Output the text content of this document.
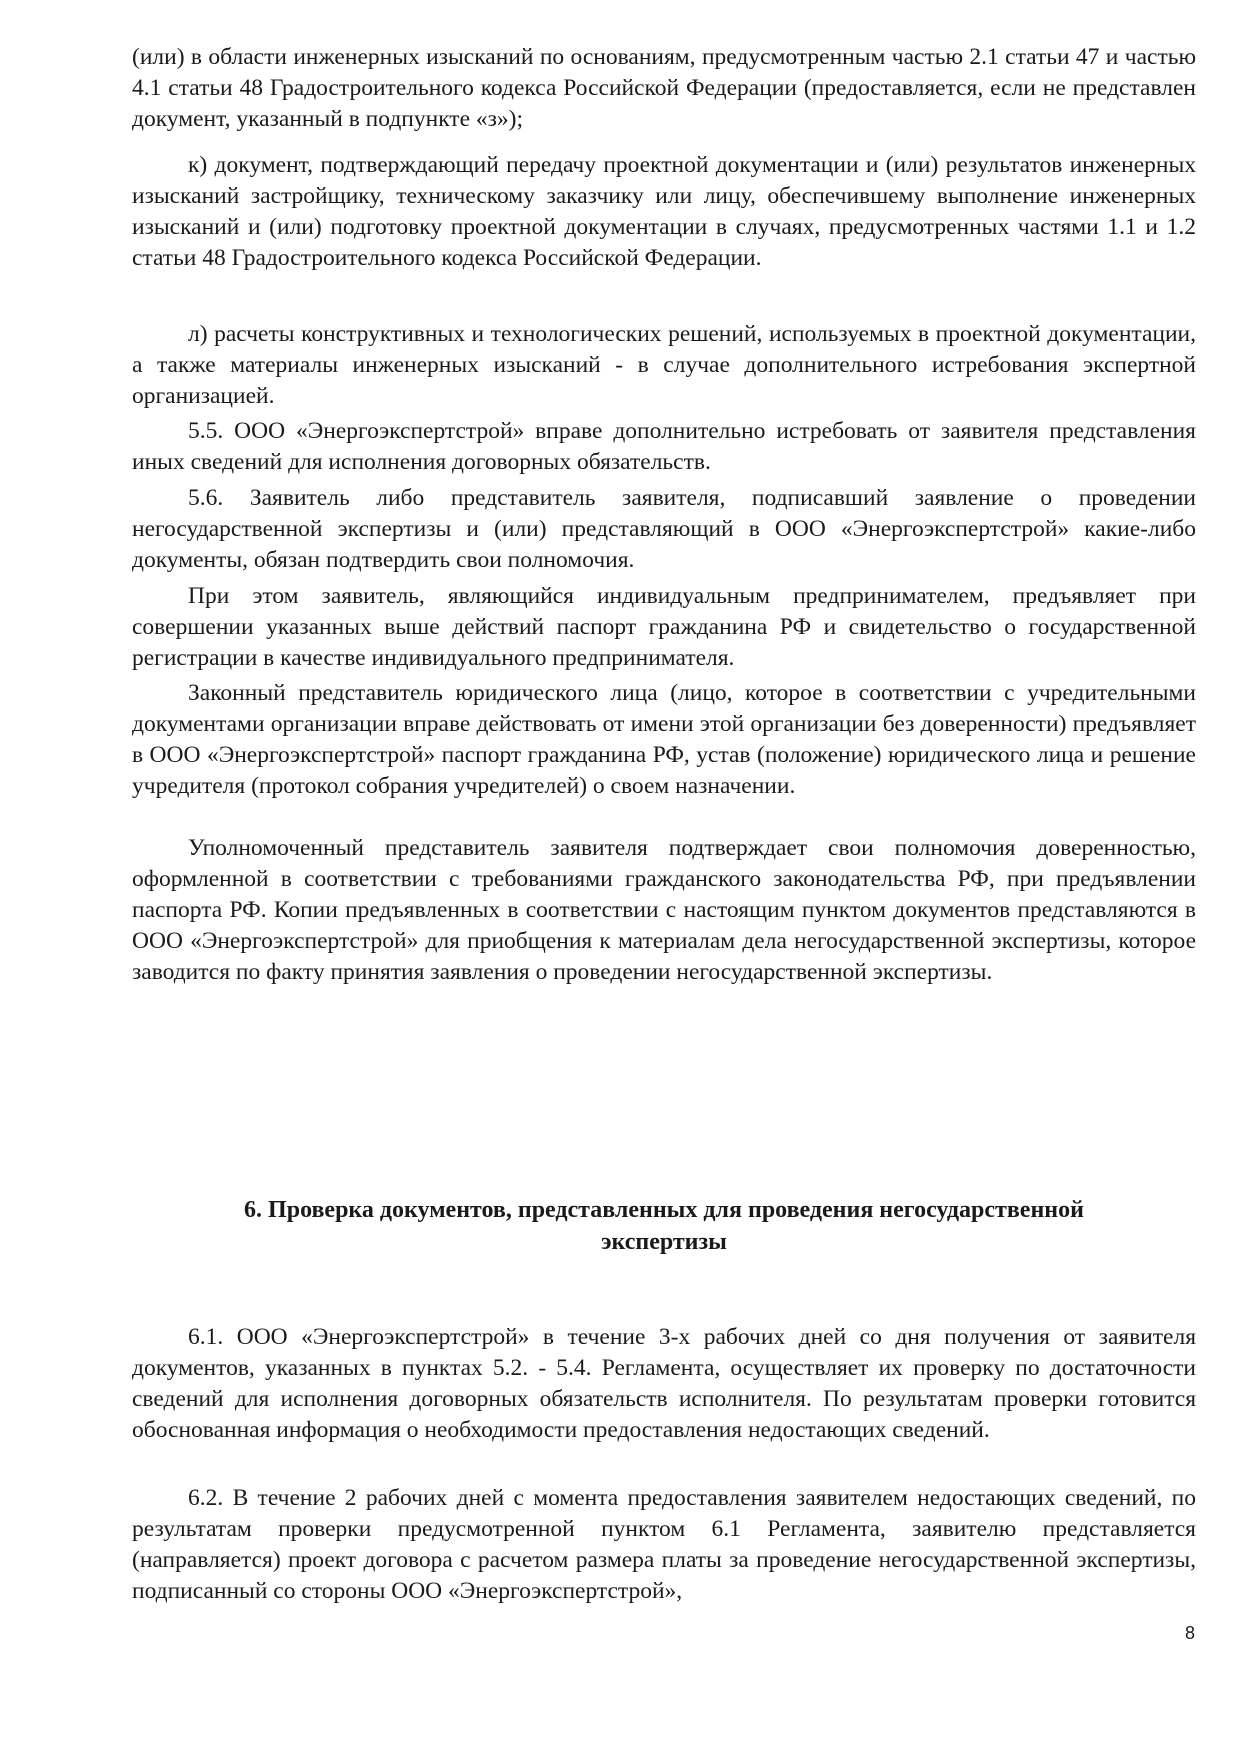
(или) в области инженерных изысканий по основаниям, предусмотренным частью 2.1 статьи 47 и частью 4.1 статьи 48 Градостроительного кодекса Российской Федерации (предоставляется, если не представлен документ, указанный в подпункте «з»);

к) документ, подтверждающий передачу проектной документации и (или) результатов инженерных изысканий застройщику, техническому заказчику или лицу, обеспечившему выполнение инженерных изысканий и (или) подготовку проектной документации в случаях, предусмотренных частями 1.1 и 1.2 статьи 48 Градостроительного кодекса Российской Федерации.

л) расчеты конструктивных и технологических решений, используемых в проектной документации, а также материалы инженерных изысканий - в случае дополнительного истребования экспертной организацией.

5.5. ООО «Энергоэкспертстрой» вправе дополнительно истребовать от заявителя представления иных сведений для исполнения договорных обязательств.

5.6. Заявитель либо представитель заявителя, подписавший заявление о проведении негосударственной экспертизы и (или) представляющий в ООО «Энергоэкспертстрой» какие-либо документы, обязан подтвердить свои полномочия.

При этом заявитель, являющийся индивидуальным предпринимателем, предъявляет при совершении указанных выше действий паспорт гражданина РФ и свидетельство о государственной регистрации в качестве индивидуального предпринимателя.

Законный представитель юридического лица (лицо, которое в соответствии с учредительными документами организации вправе действовать от имени этой организации без доверенности) предъявляет в ООО «Энергоэкспертстрой» паспорт гражданина РФ, устав (положение) юридического лица и решение учредителя (протокол собрания учредителей) о своем назначении.

Уполномоченный представитель заявителя подтверждает свои полномочия доверенностью, оформленной в соответствии с требованиями гражданского законодательства РФ, при предъявлении паспорта РФ. Копии предъявленных в соответствии с настоящим пунктом документов представляются в ООО «Энергоэкспертстрой» для приобщения к материалам дела негосударственной экспертизы, которое заводится по факту принятия заявления о проведении негосударственной экспертизы.

6. Проверка документов, представленных для проведения негосударственной
экспертизы

6.1. ООО «Энергоэкспертстрой» в течение 3-х рабочих дней со дня получения от заявителя документов, указанных в пунктах 5.2. - 5.4. Регламента, осуществляет их проверку по достаточности сведений для исполнения договорных обязательств исполнителя. По результатам проверки готовится обоснованная информация о необходимости предоставления недостающих сведений.

6.2. В течение 2 рабочих дней с момента предоставления заявителем недостающих сведений, по результатам проверки предусмотренной пунктом 6.1 Регламента, заявителю представляется (направляется) проект договора с расчетом размера платы за проведение негосударственной экспертизы, подписанный со стороны ООО «Энергоэкспертстрой»,

8
